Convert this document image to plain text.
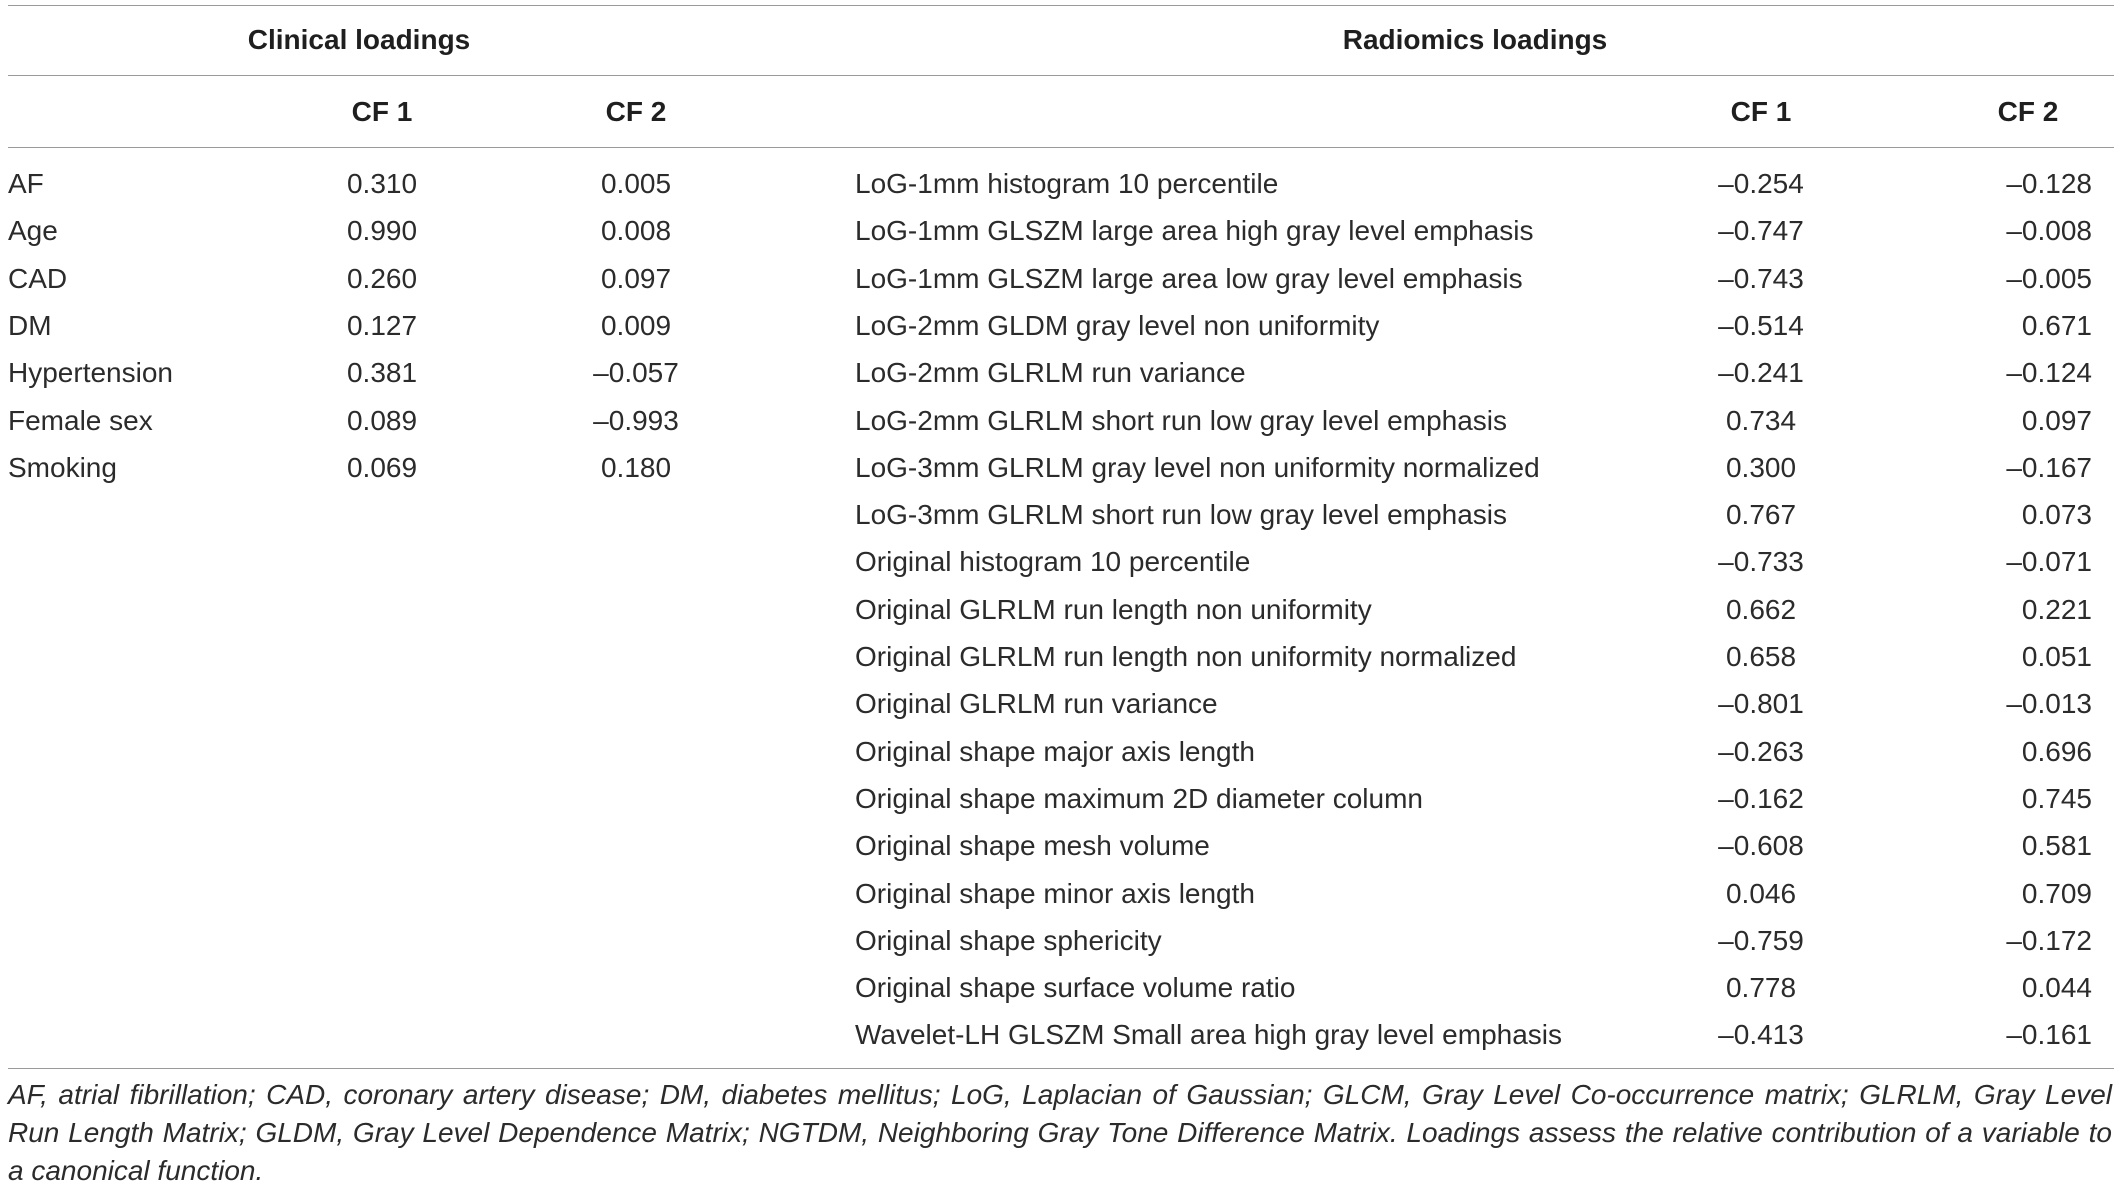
Clinical loadings	Radiomics loadings
CF 1	CF 2	CF 1	CF 2
AF	0.310	0.005
Age	0.990	0.008
CAD	0.260	0.097
DM	0.127	0.009
Hypertension	0.381	–0.057
Female sex	0.089	–0.993
Smoking	0.069	0.180
LoG-1mm histogram 10 percentile	–0.254	–0.128
LoG-1mm GLSZM large area high gray level emphasis	–0.747	–0.008
LoG-1mm GLSZM large area low gray level emphasis	–0.743	–0.005
LoG-2mm GLDM gray level non uniformity	–0.514	0.671
LoG-2mm GLRLM run variance	–0.241	–0.124
LoG-2mm GLRLM short run low gray level emphasis	0.734	0.097
LoG-3mm GLRLM gray level non uniformity normalized	0.300	–0.167
LoG-3mm GLRLM short run low gray level emphasis	0.767	0.073
Original histogram 10 percentile	–0.733	–0.071
Original GLRLM run length non uniformity	0.662	0.221
Original GLRLM run length non uniformity normalized	0.658	0.051
Original GLRLM run variance	–0.801	–0.013
Original shape major axis length	–0.263	0.696
Original shape maximum 2D diameter column	–0.162	0.745
Original shape mesh volume	–0.608	0.581
Original shape minor axis length	0.046	0.709
Original shape sphericity	–0.759	–0.172
Original shape surface volume ratio	0.778	0.044
Wavelet-LH GLSZM Small area high gray level emphasis	–0.413	–0.161
AF, atrial fibrillation; CAD, coronary artery disease; DM, diabetes mellitus; LoG, Laplacian of Gaussian; GLCM, Gray Level Co-occurrence matrix; GLRLM, Gray Level Run Length Matrix; GLDM, Gray Level Dependence Matrix; NGTDM, Neighboring Gray Tone Difference Matrix. Loadings assess the relative contribution of a variable to a canonical function.
